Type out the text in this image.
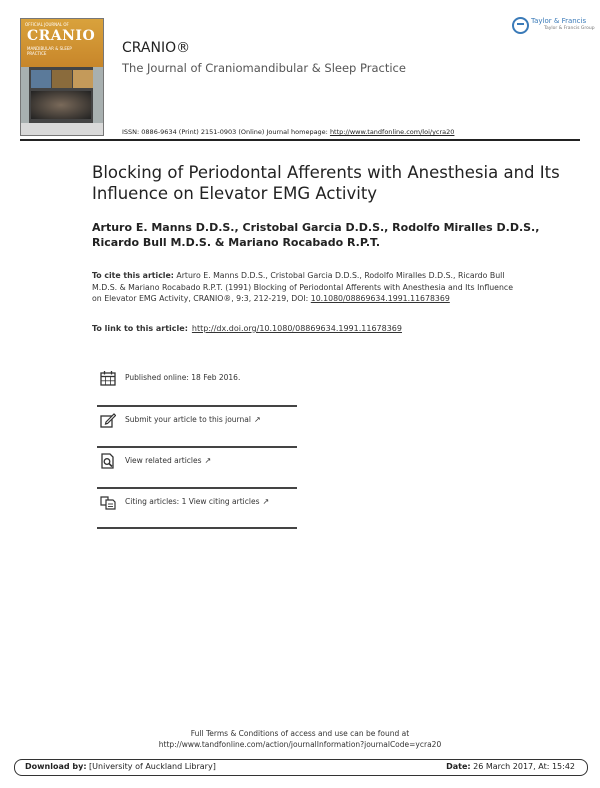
OFFICIAL JOURNAL OF
CRANIO
MANDIBULAR & SLEEP
PRACTICE	CRANIO®
The Journal of Craniomandibular & Sleep Practice
Taylor & Francis
Taylor & Francis Group
ISSN: 0886-9634 (Print) 2151-0903 (Online) Journal homepage: http://www.tandfonline.com/loi/ycra20
Blocking of Periodontal Afferents with Anesthesia and Its Influence on Elevator EMG Activity
Arturo E. Manns D.D.S., Cristobal Garcia D.D.S., Rodolfo Miralles D.D.S., Ricardo Bull M.D.S. & Mariano Rocabado R.P.T.
To cite this article: Arturo E. Manns D.D.S., Cristobal Garcia D.D.S., Rodolfo Miralles D.D.S., Ricardo Bull M.D.S. & Mariano Rocabado R.P.T. (1991) Blocking of Periodontal Afferents with Anesthesia and Its Influence on Elevator EMG Activity, CRANIO®, 9:3, 212-219, DOI: 10.1080/08869634.1991.11678369
To link to this article: http://dx.doi.org/10.1080/08869634.1991.11678369
Published online: 18 Feb 2016.
Submit your article to this journal ↗
View related articles ↗
Citing articles: 1 View citing articles ↗
Full Terms & Conditions of access and use can be found at
http://www.tandfonline.com/action/journalInformation?journalCode=ycra20
Download by: [University of Auckland Library]	Date: 26 March 2017, At: 15:42
